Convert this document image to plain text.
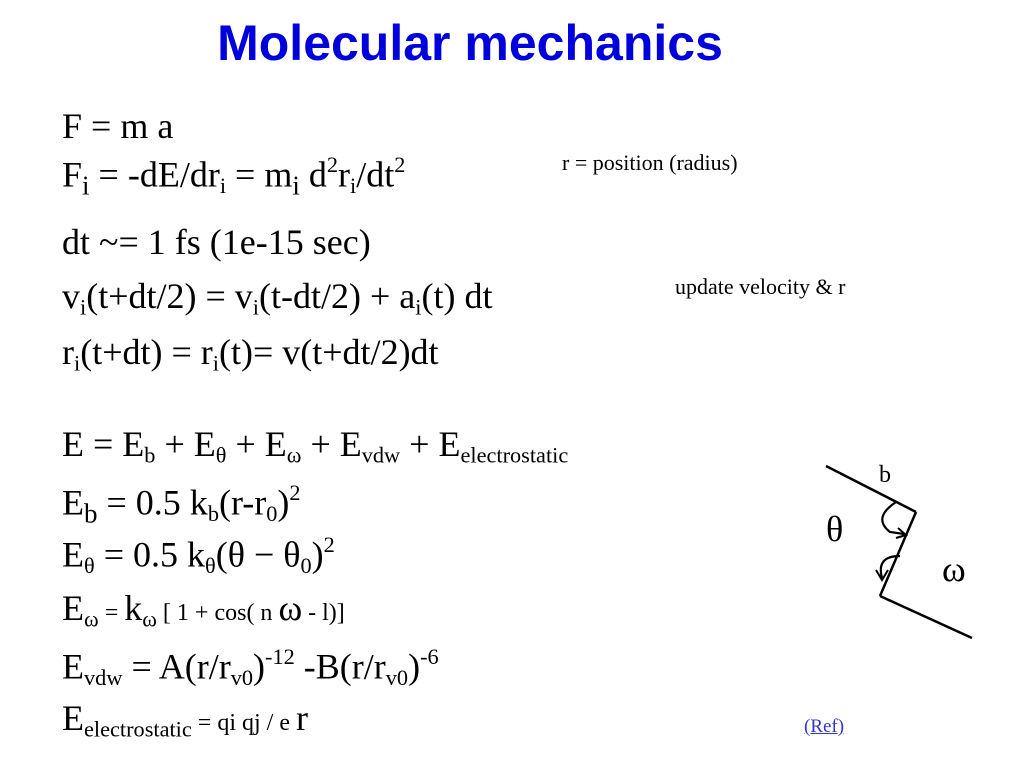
Molecular mechanics
F = m a
$F_i = -dE/dr_i = m_i$ $d^2r_i/dt^2$	r = position (radius)
dt ~= 1 fs (1e-15 sec)
$v_i(t+dt/2) = v_i(t-dt/2) + a_i(t)$ dt	update velocity & r
$r_i(t+dt) = r_i(t)= v(t+dt/2)dt$
$E = E_b + E_\theta + E_\omega + E_{vdw} + E_{electrostatic}$
$E_b = 0.5$ $k_b(r-r_0)^2$
$E_\theta = 0.5$ $k_\theta(\theta - \theta_0)^2$
$E_\omega = k_\omega$ [ 1 + cos( n ω - l)]
$E_{vdw} = A(r/r_{v0})^{-12}$ $-B(r/r_{v0})^{-6}$
$E_{electrostatic}$ = qi qj / e r
b
θ
ω
(Ref)
